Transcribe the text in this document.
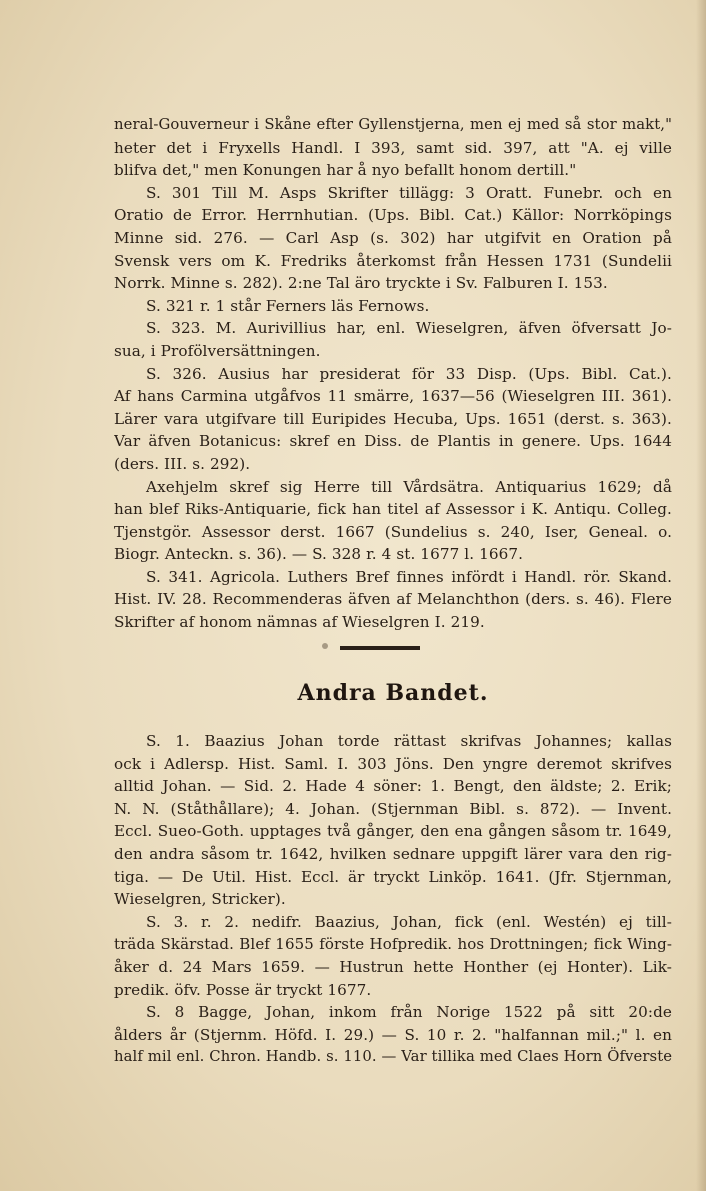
neral-Gouverneur i Skåne efter Gyllenstjerna, men ej med så stor makt,"
heter det i Fryxells Handl. I 393, samt sid. 397, att "A. ej ville
blifva det," men Konungen har å nyo befallt honom dertill."
S. 301 Till M. Asps Skrifter tillägg: 3 Oratt. Funebr. och en
Oratio de Error. Herrnhutian. (Ups. Bibl. Cat.) Källor: Norrköpings
Minne sid. 276. — Carl Asp (s. 302) har utgifvit en Oration på
Svensk vers om K. Fredriks återkomst från Hessen 1731 (Sundelii
Norrk. Minne s. 282). 2:ne Tal äro tryckte i Sv. Falburen I. 153.
S. 321 r. 1 står Ferners läs Fernows.
S. 323. M. Aurivillius har, enl. Wieselgren, äfven öfversatt Jo-
sua, i Profölversättningen.
S. 326. Ausius har presiderat för 33 Disp. (Ups. Bibl. Cat.).
Af hans Carmina utgåfvos 11 smärre, 1637—56 (Wieselgren III. 361).
Lärer vara utgifvare till Euripides Hecuba, Ups. 1651 (derst. s. 363).
Var äfven Botanicus: skref en Diss. de Plantis in genere. Ups. 1644
(ders. III. s. 292).
Axehjelm skref sig Herre till Vårdsätra. Antiquarius 1629; då
han blef Riks-Antiquarie, fick han titel af Assessor i K. Antiqu. Colleg.
Tjenstgör. Assessor derst. 1667 (Sundelius s. 240, Iser, Geneal. o.
Biogr. Anteckn. s. 36). — S. 328 r. 4 st. 1677 l. 1667.
S. 341. Agricola. Luthers Bref finnes infördt i Handl. rör. Skand.
Hist. IV. 28. Recommenderas äfven af Melanchthon (ders. s. 46). Flere
Skrifter af honom nämnas af Wieselgren I. 219.
Andra Bandet.
S. 1. Baazius Johan torde rättast skrifvas Johannes; kallas
ock i Adlersp. Hist. Saml. I. 303 Jöns. Den yngre deremot skrifves
alltid Johan. — Sid. 2. Hade 4 söner: 1. Bengt, den äldste; 2. Erik;
N. N. (Ståthållare); 4. Johan. (Stjernman Bibl. s. 872). — Invent.
Eccl. Sueo-Goth. upptages två gånger, den ena gången såsom tr. 1649,
den andra såsom tr. 1642, hvilken sednare uppgift lärer vara den rig-
tiga. — De Util. Hist. Eccl. är tryckt Linköp. 1641. (Jfr. Stjernman,
Wieselgren, Stricker).
S. 3. r. 2. nedifr. Baazius, Johan, fick (enl. Westén) ej till-
träda Skärstad. Blef 1655 förste Hofpredik. hos Drottningen; fick Wing-
åker d. 24 Mars 1659. — Hustrun hette Honther (ej Honter). Lik-
predik. öfv. Posse är tryckt 1677.
S. 8 Bagge, Johan, inkom från Norige 1522 på sitt 20:de
ålders år (Stjernm. Höfd. I. 29.) — S. 10 r. 2. "halfannan mil.;" l. en
half mil enl. Chron. Handb. s. 110. — Var tillika med Claes Horn Öfverste
